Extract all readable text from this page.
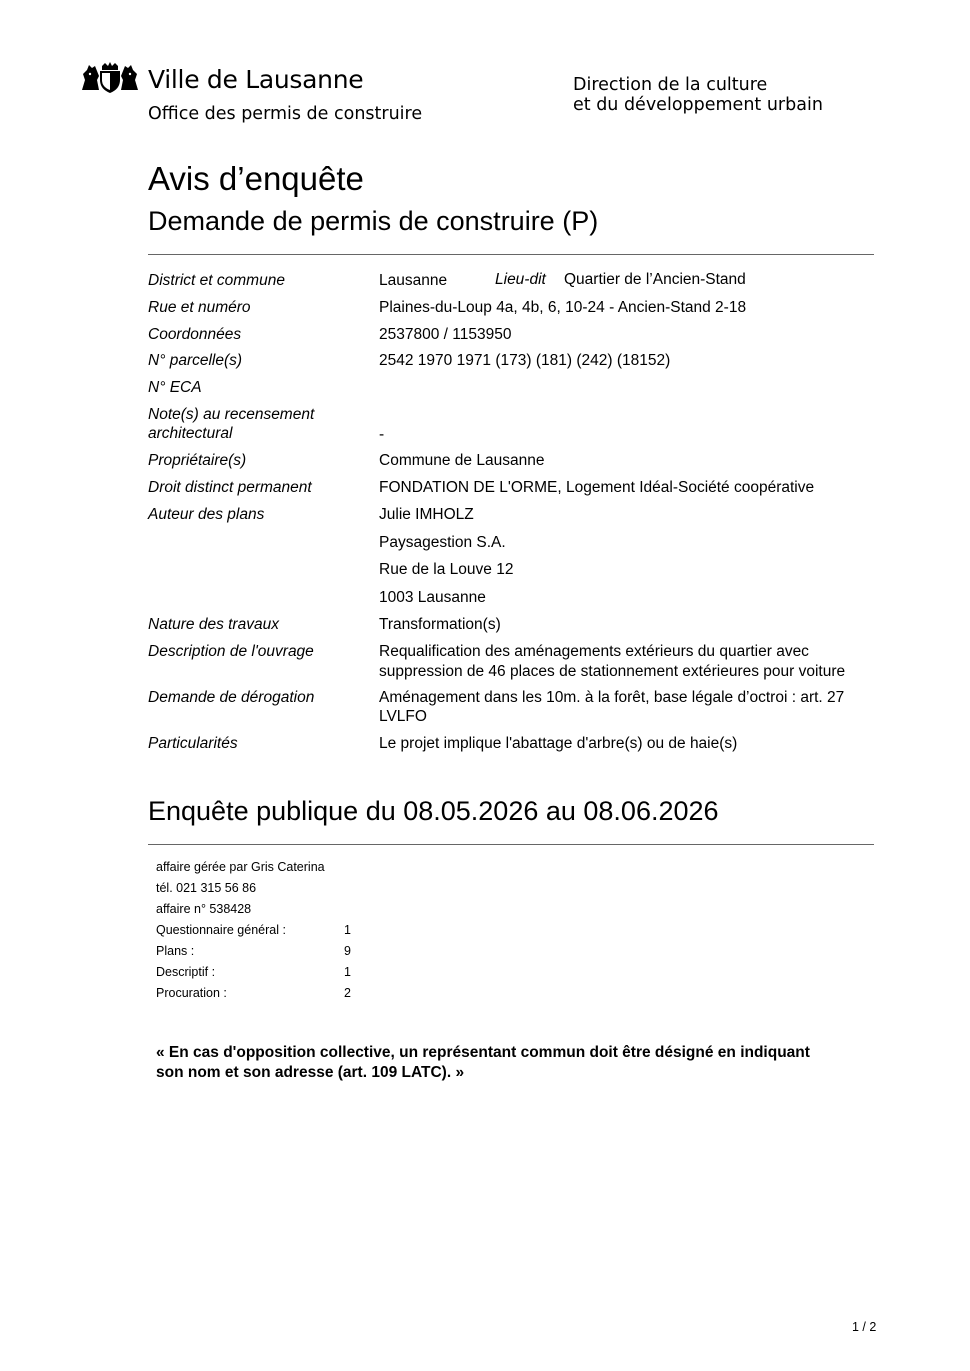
Ville de Lausanne
Office des permis de construire
Direction de la culture
et du développement urbain
Avis d’enquête
Demande de permis de construire (P)
District et commune	Lausanne	Lieu-dit Quartier de l’Ancien-Stand
Rue et numéro	Plaines-du-Loup 4a, 4b, 6, 10-24 - Ancien-Stand 2-18
Coordonnées	2537800 / 1153950
N° parcelle(s)	2542 1970 1971 (173) (181) (242) (18152)
N° ECA
Note(s) au recensement
architectural	-
Propriétaire(s)	Commune de Lausanne
Droit distinct permanent	FONDATION DE L'ORME, Logement Idéal-Société coopérative
Auteur des plans	Julie IMHOLZ
Paysagestion S.A.
Rue de la Louve 12
1003 Lausanne
Nature des travaux	Transformation(s)
Description de l'ouvrage	Requalification des aménagements extérieurs du quartier avec
suppression de 46 places de stationnement extérieures pour voiture
Demande de dérogation	Aménagement dans les 10m. à la forêt, base légale d’octroi : art. 27
LVLFO
Particularités	Le projet implique l'abattage d'arbre(s) ou de haie(s)
Enquête publique du 08.05.2026 au 08.06.2026
affaire gérée par Gris Caterina
tél. 021 315 56 86
affaire n° 538428
Questionnaire général :	1
Plans :	9
Descriptif :	1
Procuration :	2
« En cas d'opposition collective, un représentant commun doit être désigné en indiquant
son nom et son adresse (art. 109 LATC). »
1 / 2
